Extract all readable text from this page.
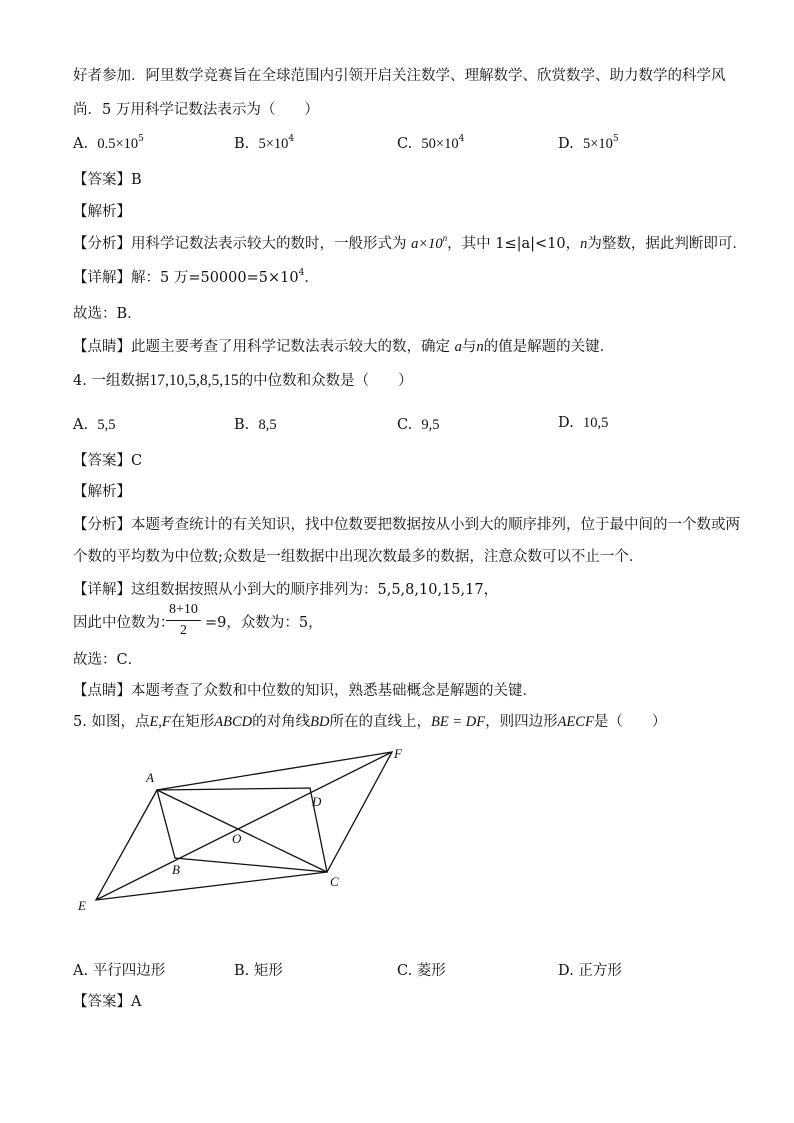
好者参加．阿里数学竞赛旨在全球范围内引领开启关注数学、理解数学、欣赏数学、助力数学的科学风
尚．5 万用科学记数法表示为（　　）
A. $0.5\times 10^5$	B. $5\times 10^4$	C. $50\times 10^4$	D. $5\times 10^5$
【答案】B
【解析】
【分析】用科学记数法表示较大的数时，一般形式为 $a\times 10^n$，其中 1≤|a|<10，n为整数，据此判断即可．
【详解】解：5 万$=50000=5\times 10^4$．
故选：B．
【点睛】此题主要考查了用科学记数法表示较大的数，确定 a与n的值是解题的关键．
4. 一组数据17,10,5,8,5,15的中位数和众数是（　　）
A. 5,5	B. 8,5	C. 9,5	D. 10,5
【答案】C
【解析】
【分析】本题考查统计的有关知识，找中位数要把数据按从小到大的顺序排列，位于最中间的一个数或两
个数的平均数为中位数;众数是一组数据中出现次数最多的数据，注意众数可以不止一个．
【详解】这组数据按照从小到大的顺序排列为：5,5,8,10,15,17，
因此中位数为：
$\frac{8+10}{2} =9$，众数为：5，
故选：C．
【点睛】本题考查了众数和中位数的知识，熟悉基础概念是解题的关键．
5. 如图，点E,F在矩形ABCD的对角线BD所在的直线上，BE = DF，则四边形AECF是（　　）
A
B
C
D
E
F
O
A. 平行四边形	B. 矩形	C. 菱形	D. 正方形
【答案】A
